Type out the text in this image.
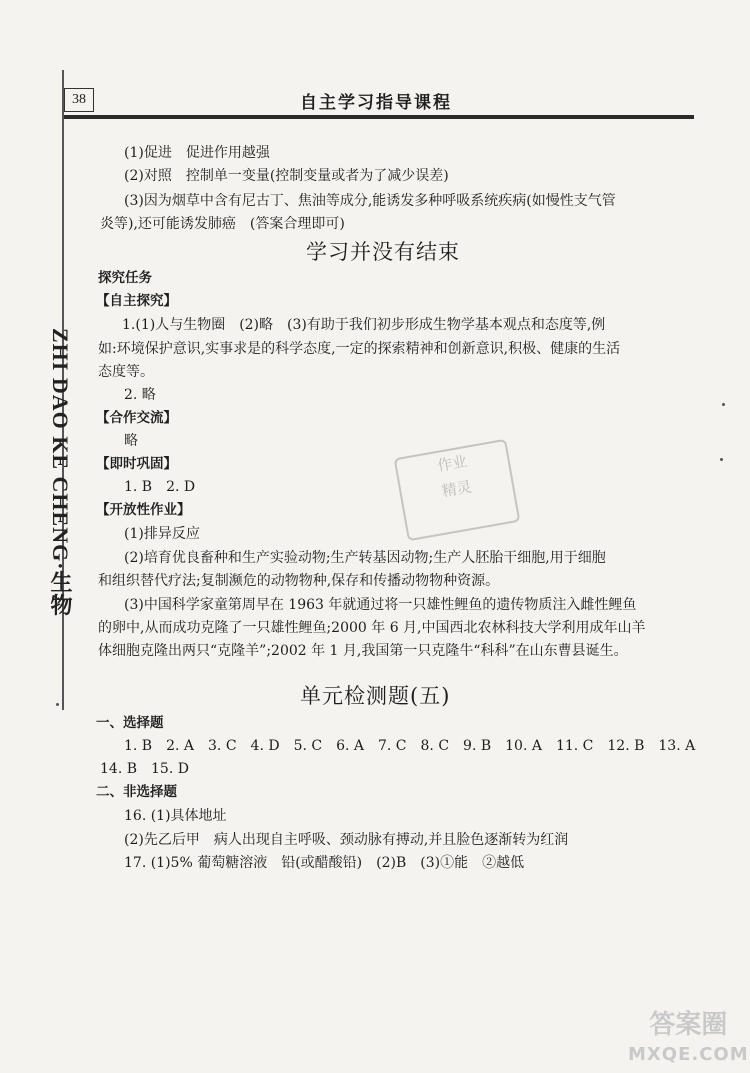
38	自主学习指导课程
ZHI DAO KE CHENG·生物
(1)促进　促进作用越强
(2)对照　控制单一变量(控制变量或者为了减少误差)
(3)因为烟草中含有尼古丁、焦油等成分,能诱发多种呼吸系统疾病(如慢性支气管
炎等),还可能诱发肺癌　(答案合理即可)
学习并没有结束
探究任务
【自主探究】
1.(1)人与生物圈　(2)略　(3)有助于我们初步形成生物学基本观点和态度等,例
如:环境保护意识,实事求是的科学态度,一定的探索精神和创新意识,积极、健康的生活
态度等。
2. 略
【合作交流】
略
【即时巩固】
1. B　2. D
【开放性作业】
(1)排异反应
(2)培育优良畜种和生产实验动物;生产转基因动物;生产人胚胎干细胞,用于细胞
和组织替代疗法;复制濒危的动物物种,保存和传播动物物种资源。
(3)中国科学家童第周早在 1963 年就通过将一只雄性鲤鱼的遗传物质注入雌性鲤鱼
的卵中,从而成功克隆了一只雄性鲤鱼;2000 年 6 月,中国西北农林科技大学利用成年山羊
体细胞克隆出两只“克隆羊”;2002 年 1 月,我国第一只克隆牛“科科”在山东曹县诞生。
单元检测题(五)
一、选择题
1. B　2. A　3. C　4. D　5. C　6. A　7. C　8. C　9. B　10. A　11. C　12. B　13. A
14. B　15. D
二、非选择题
16. (1)具体地址
(2)先乙后甲　病人出现自主呼吸、颈动脉有搏动,并且脸色逐渐转为红润
17. (1)5% 葡萄糖溶液　铅(或醋酸铅)　(2)B　(3)①能　②越低
作业
精灵
答案圈
MXQE.COM
